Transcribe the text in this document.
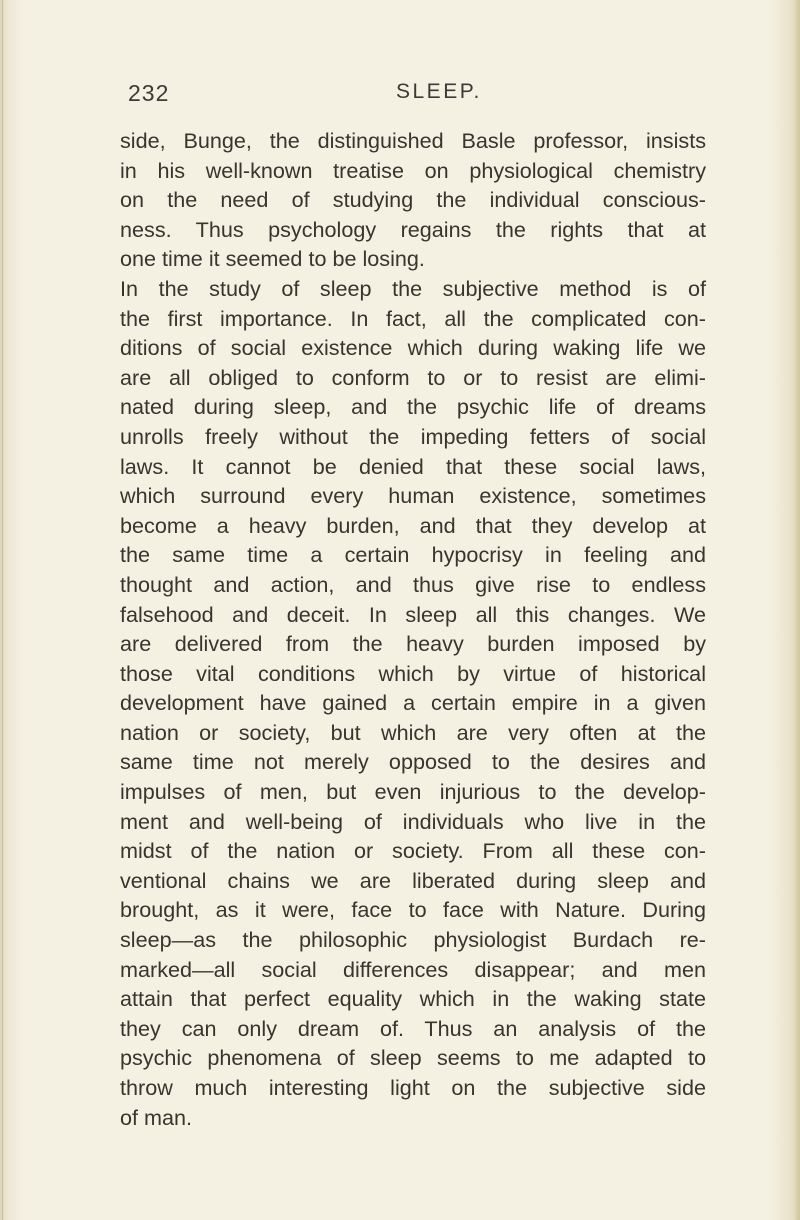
232	SLEEP.
side, Bunge, the distinguished Basle professor, insists
in his well-known treatise on physiological chemistry
on the need of studying the individual conscious-
ness. Thus psychology regains the rights that at
one time it seemed to be losing.
In the study of sleep the subjective method is of
the first importance. In fact, all the complicated con-
ditions of social existence which during waking life we
are all obliged to conform to or to resist are elimi-
nated during sleep, and the psychic life of dreams
unrolls freely without the impeding fetters of social
laws. It cannot be denied that these social laws,
which surround every human existence, sometimes
become a heavy burden, and that they develop at
the same time a certain hypocrisy in feeling and
thought and action, and thus give rise to endless
falsehood and deceit. In sleep all this changes. We
are delivered from the heavy burden imposed by
those vital conditions which by virtue of historical
development have gained a certain empire in a given
nation or society, but which are very often at the
same time not merely opposed to the desires and
impulses of men, but even injurious to the develop-
ment and well-being of individuals who live in the
midst of the nation or society. From all these con-
ventional chains we are liberated during sleep and
brought, as it were, face to face with Nature. During
sleep—as the philosophic physiologist Burdach re-
marked—all social differences disappear; and men
attain that perfect equality which in the waking state
they can only dream of. Thus an analysis of the
psychic phenomena of sleep seems to me adapted to
throw much interesting light on the subjective side
of man.
